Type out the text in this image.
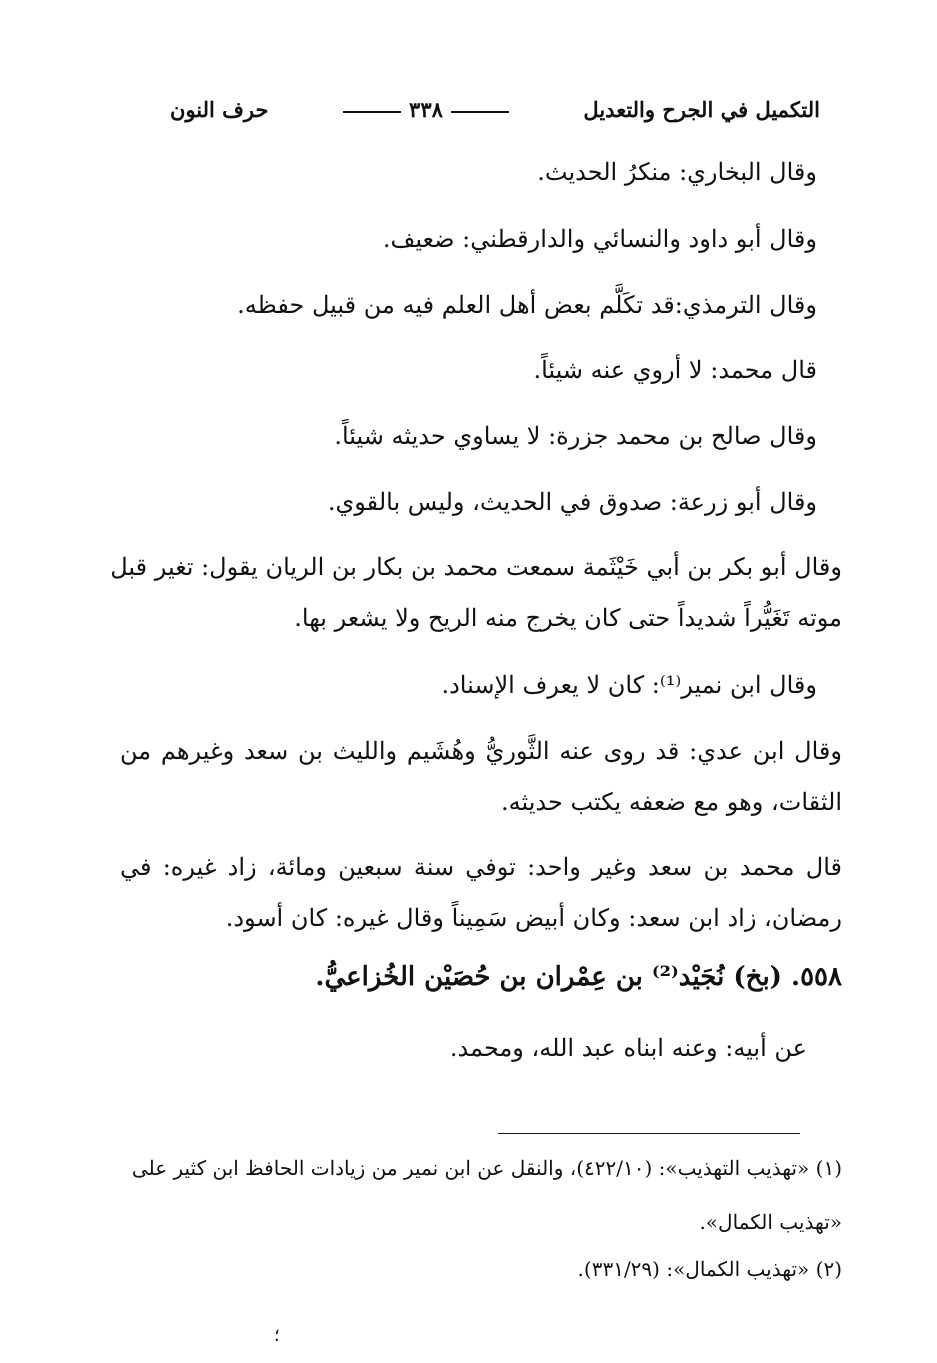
التكميل في الجرح والتعديل
٣٣٨
حرف النون
وقال البخاري: منكرُ الحديث.
وقال أبو داود والنسائي والدارقطني: ضعيف.
وقال الترمذي:قد تكَلَّم بعض أهل العلم فيه من قبيل حفظه.
قال محمد: لا أروي عنه شيئاً.
وقال صالح بن محمد جزرة: لا يساوي حديثه شيئاً.
وقال أبو زرعة: صدوق في الحديث، وليس بالقوي.
وقال أبو بكر بن أبي خَيْثَمة سمعت محمد بن بكار بن الريان يقول: تغير قبل
موته تَغَيُّراً شديداً حتى كان يخرج منه الريح ولا يشعر بها.
وقال ابن نمير⁽¹⁾: كان لا يعرف الإسناد.
وقال ابن عدي: قد روى عنه الثَّوريُّ وهُشَيم والليث بن سعد وغيرهم من
الثقات، وهو مع ضعفه يكتب حديثه.
قال محمد بن سعد وغير واحد: توفي سنة سبعين ومائة، زاد غيره: في
رمضان، زاد ابن سعد: وكان أبيض سَمِيناً وقال غيره: كان أسود.
٥٥٨. (بخ) نُجَيْد⁽²⁾ بن عِمْران بن حُصَيْن الخُزاعيُّ.
عن أبيه: وعنه ابناه عبد الله، ومحمد.
(١) «تهذيب التهذيب»: (٤٢٢/١٠)، والنقل عن ابن نمير من زيادات الحافظ ابن كثير على
«تهذيب الكمال».
(٢) «تهذيب الكمال»: (٣٣١/٢٩).
؛
